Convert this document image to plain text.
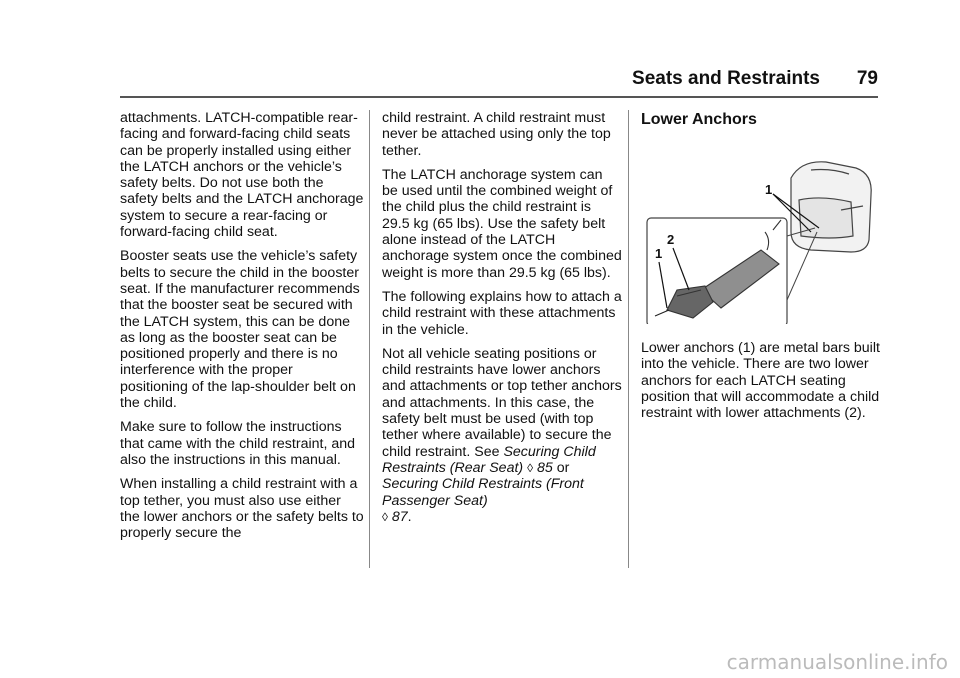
Seats and Restraints	79

attachments. LATCH-compatible rear-facing and forward-facing child seats can be properly installed using either the LATCH anchors or the vehicle’s safety belts. Do not use both the safety belts and the LATCH anchorage system to secure a rear-facing or forward-facing child seat.

Booster seats use the vehicle’s safety belts to secure the child in the booster seat. If the manufacturer recommends that the booster seat be secured with the LATCH system, this can be done as long as the booster seat can be positioned properly and there is no interference with the proper positioning of the lap-shoulder belt on the child.

Make sure to follow the instructions that came with the child restraint, and also the instructions in this manual.

When installing a child restraint with a top tether, you must also use either the lower anchors or the safety belts to properly secure the

child restraint. A child restraint must never be attached using only the top tether.

The LATCH anchorage system can be used until the combined weight of the child plus the child restraint is 29.5 kg (65 lbs). Use the safety belt alone instead of the LATCH anchorage system once the combined weight is more than 29.5 kg (65 lbs).

The following explains how to attach a child restraint with these attachments in the vehicle.

Not all vehicle seating positions or child restraints have lower anchors and attachments or top tether anchors and attachments. In this case, the safety belt must be used (with top tether where available) to secure the child restraint. See Securing Child Restraints (Rear Seat) ◊ 85 or Securing Child Restraints (Front Passenger Seat)
◊ 87.

Lower Anchors
1
2
1

Lower anchors (1) are metal bars built into the vehicle. There are two lower anchors for each LATCH seating position that will accommodate a child restraint with lower attachments (2).

carmanualsonline.info
